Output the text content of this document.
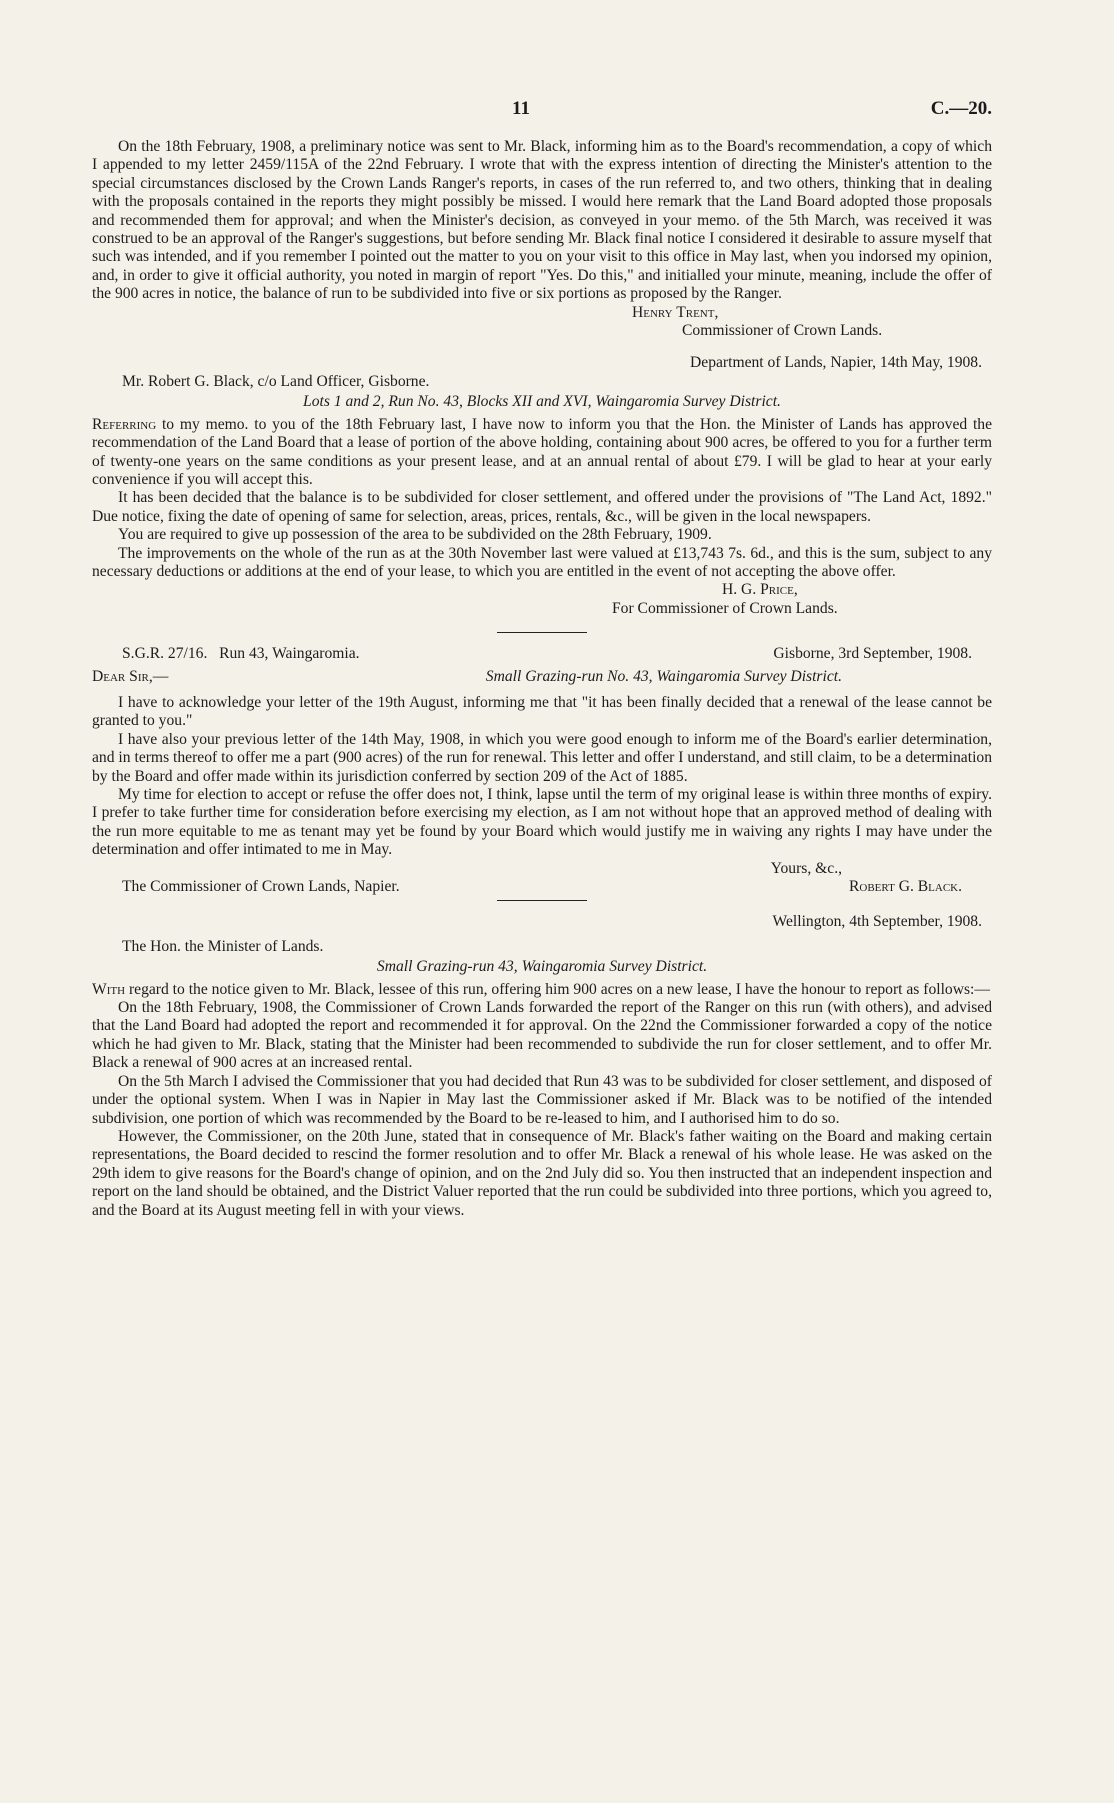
11	C.—20.

On the 18th February, 1908, a preliminary notice was sent to Mr. Black, informing him as to the Board's recommendation, a copy of which I appended to my letter 2459/115A of the 22nd February. I wrote that with the express intention of directing the Minister's attention to the special circumstances disclosed by the Crown Lands Ranger's reports, in cases of the run referred to, and two others, thinking that in dealing with the proposals contained in the reports they might possibly be missed. I would here remark that the Land Board adopted those proposals and recommended them for approval; and when the Minister's decision, as conveyed in your memo. of the 5th March, was received it was construed to be an approval of the Ranger's suggestions, but before sending Mr. Black final notice I considered it desirable to assure myself that such was intended, and if you remember I pointed out the matter to you on your visit to this office in May last, when you indorsed my opinion, and, in order to give it official authority, you noted in margin of report "Yes. Do this," and initialled your minute, meaning, include the offer of the 900 acres in notice, the balance of run to be subdivided into five or six portions as proposed by the Ranger.

Henry Trent,
Commissioner of Crown Lands.

Department of Lands, Napier, 14th May, 1908.

Mr. Robert G. Black, c/o Land Officer, Gisborne.

Lots 1 and 2, Run No. 43, Blocks XII and XVI, Waingaromia Survey District.

Referring to my memo. to you of the 18th February last, I have now to inform you that the Hon. the Minister of Lands has approved the recommendation of the Land Board that a lease of portion of the above holding, containing about 900 acres, be offered to you for a further term of twenty-one years on the same conditions as your present lease, and at an annual rental of about £79. I will be glad to hear at your early convenience if you will accept this.

It has been decided that the balance is to be subdivided for closer settlement, and offered under the provisions of "The Land Act, 1892." Due notice, fixing the date of opening of same for selection, areas, prices, rentals, &c., will be given in the local newspapers.

You are required to give up possession of the area to be subdivided on the 28th February, 1909.

The improvements on the whole of the run as at the 30th November last were valued at £13,743 7s. 6d., and this is the sum, subject to any necessary deductions or additions at the end of your lease, to which you are entitled in the event of not accepting the above offer.

H. G. Price,
For Commissioner of Crown Lands.
S.G.R. 27/16. Run 43, Waingaromia.	Gisborne, 3rd September, 1908.
Dear Sir,—	Small Grazing-run No. 43, Waingaromia Survey District.

I have to acknowledge your letter of the 19th August, informing me that "it has been finally decided that a renewal of the lease cannot be granted to you."

I have also your previous letter of the 14th May, 1908, in which you were good enough to inform me of the Board's earlier determination, and in terms thereof to offer me a part (900 acres) of the run for renewal. This letter and offer I understand, and still claim, to be a determination by the Board and offer made within its jurisdiction conferred by section 209 of the Act of 1885.

My time for election to accept or refuse the offer does not, I think, lapse until the term of my original lease is within three months of expiry. I prefer to take further time for consideration before exercising my election, as I am not without hope that an approved method of dealing with the run more equitable to me as tenant may yet be found by your Board which would justify me in waiving any rights I may have under the determination and offer intimated to me in May.

Yours, &c.,
The Commissioner of Crown Lands, Napier.	Robert G. Black.

Wellington, 4th September, 1908.

The Hon. the Minister of Lands.

Small Grazing-run 43, Waingaromia Survey District.

With regard to the notice given to Mr. Black, lessee of this run, offering him 900 acres on a new lease, I have the honour to report as follows:—

On the 18th February, 1908, the Commissioner of Crown Lands forwarded the report of the Ranger on this run (with others), and advised that the Land Board had adopted the report and recommended it for approval. On the 22nd the Commissioner forwarded a copy of the notice which he had given to Mr. Black, stating that the Minister had been recommended to subdivide the run for closer settlement, and to offer Mr. Black a renewal of 900 acres at an increased rental.

On the 5th March I advised the Commissioner that you had decided that Run 43 was to be subdivided for closer settlement, and disposed of under the optional system. When I was in Napier in May last the Commissioner asked if Mr. Black was to be notified of the intended subdivision, one portion of which was recommended by the Board to be re-leased to him, and I authorised him to do so.

However, the Commissioner, on the 20th June, stated that in consequence of Mr. Black's father waiting on the Board and making certain representations, the Board decided to rescind the former resolution and to offer Mr. Black a renewal of his whole lease. He was asked on the 29th idem to give reasons for the Board's change of opinion, and on the 2nd July did so. You then instructed that an independent inspection and report on the land should be obtained, and the District Valuer reported that the run could be subdivided into three portions, which you agreed to, and the Board at its August meeting fell in with your views.
